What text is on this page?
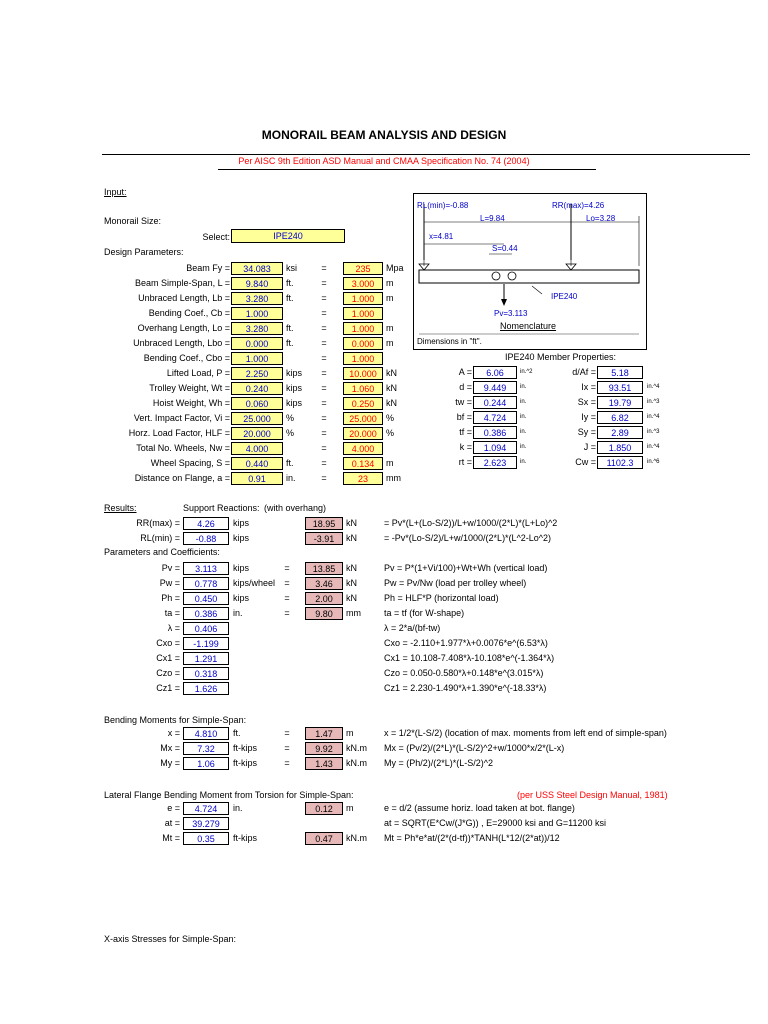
MONORAIL BEAM ANALYSIS AND DESIGN
Per AISC 9th Edition ASD Manual and CMAA Specification No. 74 (2004)
Input:
Monorail Size:
Select:	IPE240
Design Parameters:
Beam Fy =	34.083	ksi	=	235	Mpa
Beam Simple-Span, L =	9.840	ft.	=	3.000	m
Unbraced Length, Lb =	3.280	ft.	=	1.000	m
Bending Coef., Cb =	1.000	=	1.000
Overhang Length, Lo =	3.280	ft.	=	1.000	m
Unbraced Length, Lbo =	0.000	ft.	=	0.000	m
Bending Coef., Cbo =	1.000	=	1.000
Lifted Load, P =	2.250	kips	=	10.000	kN
Trolley Weight, Wt =	0.240	kips	=	1.060	kN
Hoist Weight, Wh =	0.060	kips	=	0.250	kN
Vert. Impact Factor, Vi =	25.000	%	=	25.000	%
Horz. Load Factor, HLF =	20.000	%	=	20.000	%
Total No. Wheels, Nw =	4.000	=	4.000
Wheel Spacing, S =	0.440	ft.	=	0.134	m
Distance on Flange, a =	0.91	in.	=	23	mm
RL(min)=-0.88	RR(max)=4.26
L=9.84	Lo=3.28
x=4.81
S=0.44
IPE240
Pv=3.113
Nomenclature
Dimensions in "ft".
IPE240 Member Properties:
A =	6.06	in.^2
d =	9.449	in.
tw =	0.244	in.
bf =	4.724	in.
tf =	0.386	in.
k =	1.094	in.
rt =	2.623	in.
d/Af =	5.18
Ix =	93.51	in.^4
Sx =	19.79	in.^3
Iy =	6.82	in.^4
Sy =	2.89	in.^3
J =	1.850	in.^4
Cw =	1102.3	in.^6
Results:	Support Reactions: (with overhang)
RR(max) =	4.26	kips	18.95	kN	= Pv*(L+(Lo-S/2))/L+w/1000/(2*L)*(L+Lo)^2
RL(min) =	-0.88	kips	-3.91	kN	= -Pv*(Lo-S/2)/L+w/1000/(2*L)*(L^2-Lo^2)
Parameters and Coefficients:
Pv =	3.113	kips	=	13.85	kN	Pv = P*(1+Vi/100)+Wt+Wh (vertical load)
Pw =	0.778	kips/wheel	=	3.46	kN	Pw = Pv/Nw (load per trolley wheel)
Ph =	0.450	kips	=	2.00	kN	Ph = HLF*P (horizontal load)
ta =	0.386	in.	=	9.80	mm	ta = tf (for W-shape)
λ =	0.406	λ = 2*a/(bf-tw)
Cxo =	-1.199	Cxo = -2.110+1.977*λ+0.0076*e^(6.53*λ)
Cx1 =	1.291	Cx1 = 10.108-7.408*λ-10.108*e^(-1.364*λ)
Czo =	0.318	Czo = 0.050-0.580*λ+0.148*e^(3.015*λ)
Cz1 =	1.626	Cz1 = 2.230-1.490*λ+1.390*e^(-18.33*λ)
Bending Moments for Simple-Span:
x =	4.810	ft.	=	1.47	m	x = 1/2*(L-S/2) (location of max. moments from left end of simple-span)
Mx =	7.32	ft-kips	=	9.92	kN.m	Mx = (Pv/2)/(2*L)*(L-S/2)^2+w/1000*x/2*(L-x)
My =	1.06	ft-kips	=	1.43	kN.m	My = (Ph/2)/(2*L)*(L-S/2)^2
Lateral Flange Bending Moment from Torsion for Simple-Span:	(per USS Steel Design Manual, 1981)
e =	4.724	in.	0.12	m	e = d/2 (assume horiz. load taken at bot. flange)
at =	39.279	at = SQRT(E*Cw/(J*G)) , E=29000 ksi and G=11200 ksi
Mt =	0.35	ft-kips	0.47	kN.m	Mt = Ph*e*at/(2*(d-tf))*TANH(L*12/(2*at))/12
X-axis Stresses for Simple-Span:
